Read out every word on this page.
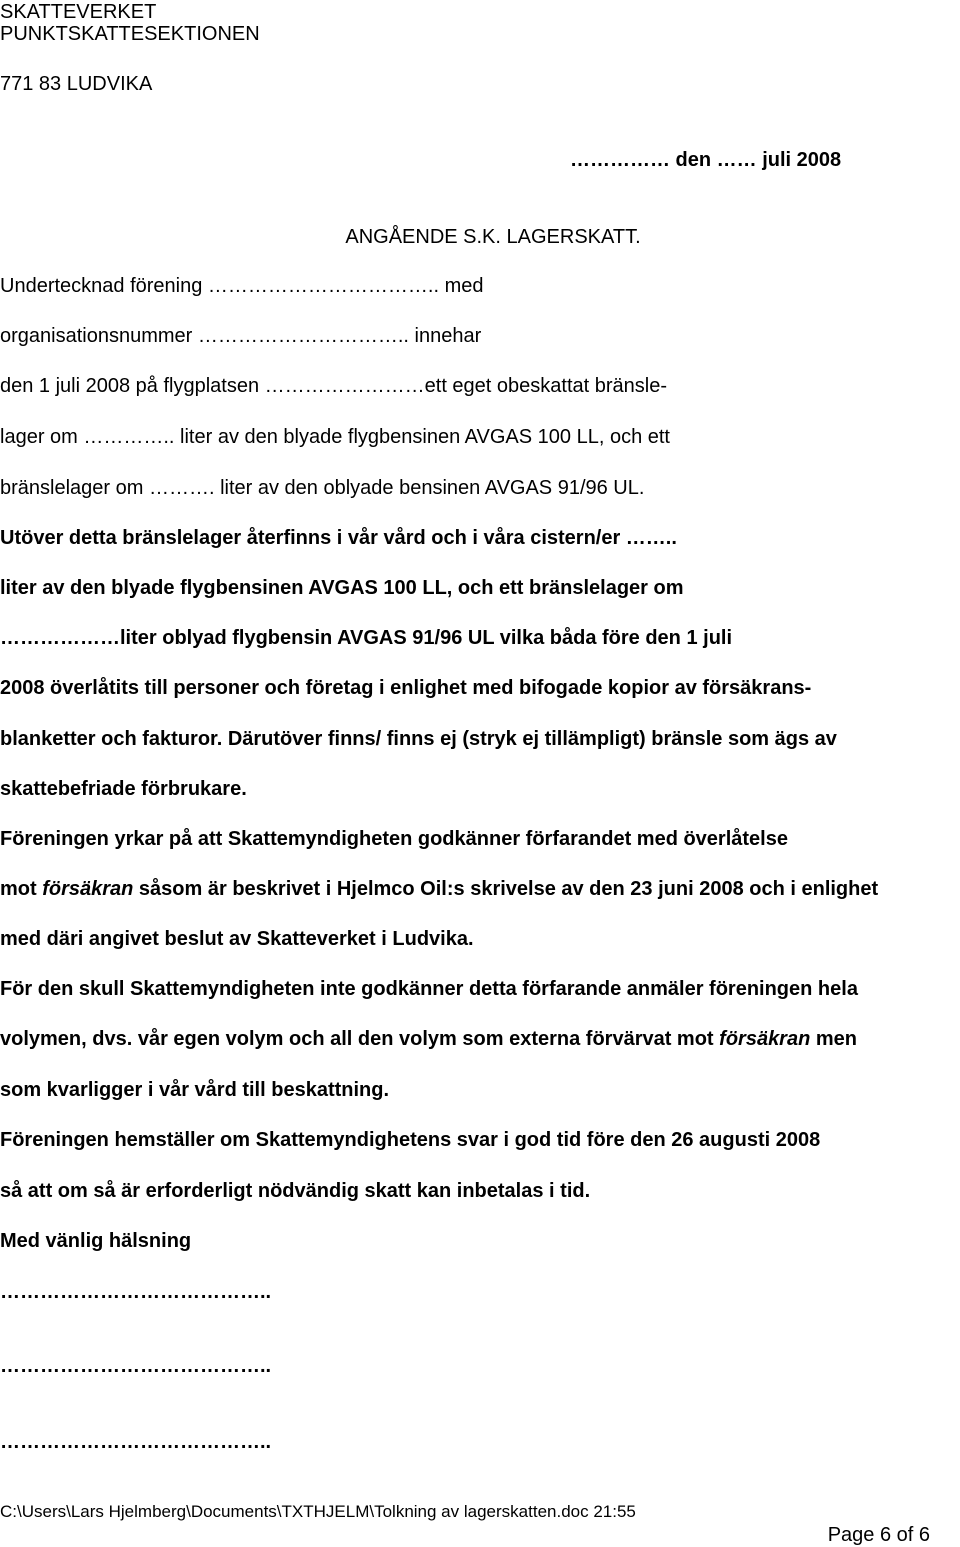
SKATTEVERKET
PUNKTSKATTESEKTIONEN
771 83 LUDVIKA
…………… den …… juli 2008
ANGÅENDE S.K. LAGERSKATT.
Undertecknad förening …………………………….. med
organisationsnummer ………………………….. innehar
den 1 juli 2008 på flygplatsen ……………………ett eget obeskattat bränsle-
lager om ………….. liter av den blyade flygbensinen AVGAS 100 LL, och ett
bränslelager om ………. liter av den oblyade bensinen AVGAS 91/96 UL.
Utöver detta bränslelager återfinns i vår vård och i våra cistern/er ……..
liter av den blyade flygbensinen AVGAS 100 LL, och ett bränslelager om
………………liter oblyad flygbensin AVGAS 91/96 UL vilka båda före den 1 juli
2008 överlåtits till personer och företag i enlighet med bifogade kopior av försäkrans-
blanketter och fakturor. Därutöver finns/ finns ej (stryk ej tillämpligt) bränsle som ägs av
skattebefriade förbrukare.
Föreningen yrkar på att Skattemyndigheten godkänner förfarandet med överlåtelse
mot försäkran såsom är beskrivet i Hjelmco Oil:s skrivelse av den 23 juni 2008 och i enlighet
med däri angivet beslut av Skatteverket i Ludvika.
För den skull Skattemyndigheten inte godkänner detta förfarande anmäler föreningen hela
volymen, dvs. vår egen volym och all den volym som externa förvärvat mot försäkran men
som kvarligger i vår vård till beskattning.
Föreningen hemställer om Skattemyndighetens svar i god tid före den 26 augusti 2008
så att om så är erforderligt nödvändig skatt kan inbetalas i tid.
Med vänlig hälsning
…………………………………..
…………………………………..
…………………………………..
C:\Users\Lars Hjelmberg\Documents\TXTHJELM\Tolkning av lagerskatten.doc 21:55
Page 6 of 6
